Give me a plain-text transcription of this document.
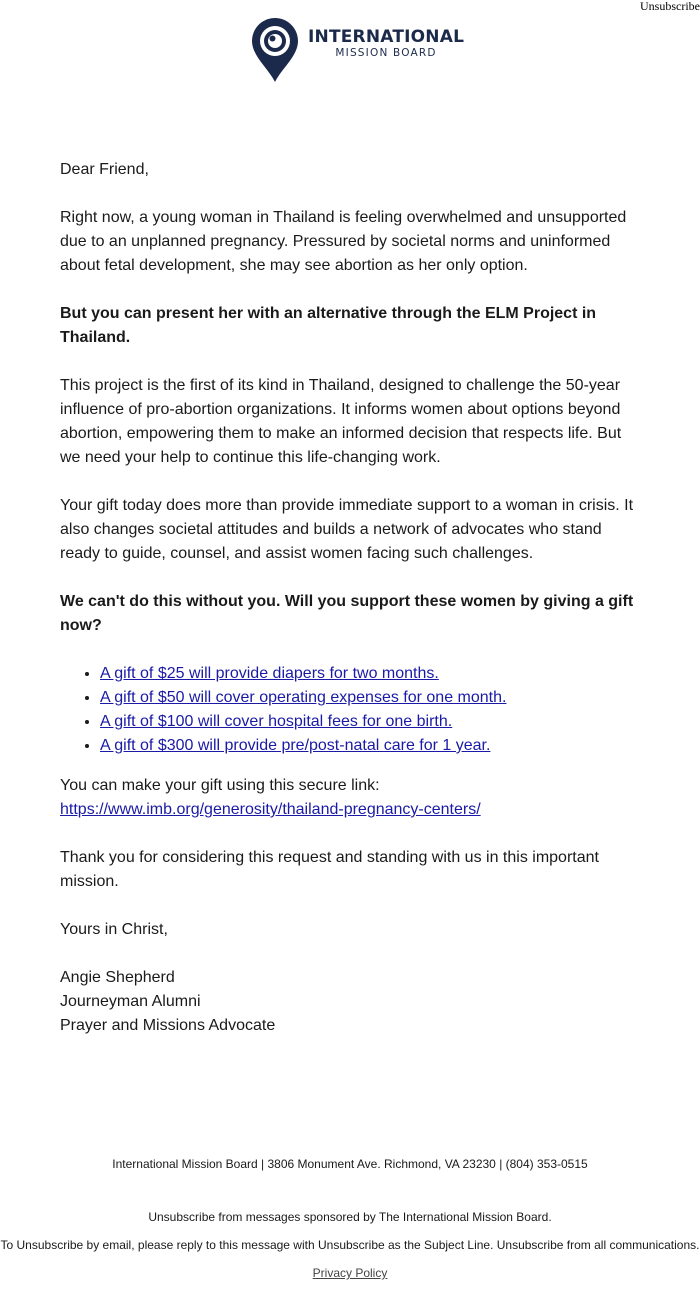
Unsubscribe
INTERNATIONAL
MISSION BOARD

Dear Friend,

Right now, a young woman in Thailand is feeling overwhelmed and unsupported due to an unplanned pregnancy. Pressured by societal norms and uninformed about fetal development, she may see abortion as her only option.

But you can present her with an alternative through the ELM Project in Thailand.

This project is the first of its kind in Thailand, designed to challenge the 50-year influence of pro-abortion organizations. It informs women about options beyond abortion, empowering them to make an informed decision that respects life. But we need your help to continue this life-changing work.

Your gift today does more than provide immediate support to a woman in crisis. It also changes societal attitudes and builds a network of advocates who stand ready to guide, counsel, and assist women facing such challenges.

We can't do this without you. Will you support these women by giving a gift now?

• A gift of $25 will provide diapers for two months.
• A gift of $50 will cover operating expenses for one month.
• A gift of $100 will cover hospital fees for one birth.
• A gift of $300 will provide pre/post-natal care for 1 year.

You can make your gift using this secure link:

https://www.imb.org/generosity/thailand-pregnancy-centers/

Thank you for considering this request and standing with us in this important mission.

Yours in Christ,

Angie Shepherd

Journeyman Alumni

Prayer and Missions Advocate

International Mission Board | 3806 Monument Ave. Richmond, VA 23230 | (804) 353-0515
Unsubscribe from messages sponsored by The International Mission Board.
To Unsubscribe by email, please reply to this message with Unsubscribe as the Subject Line. Unsubscribe from all communications.
Privacy Policy
